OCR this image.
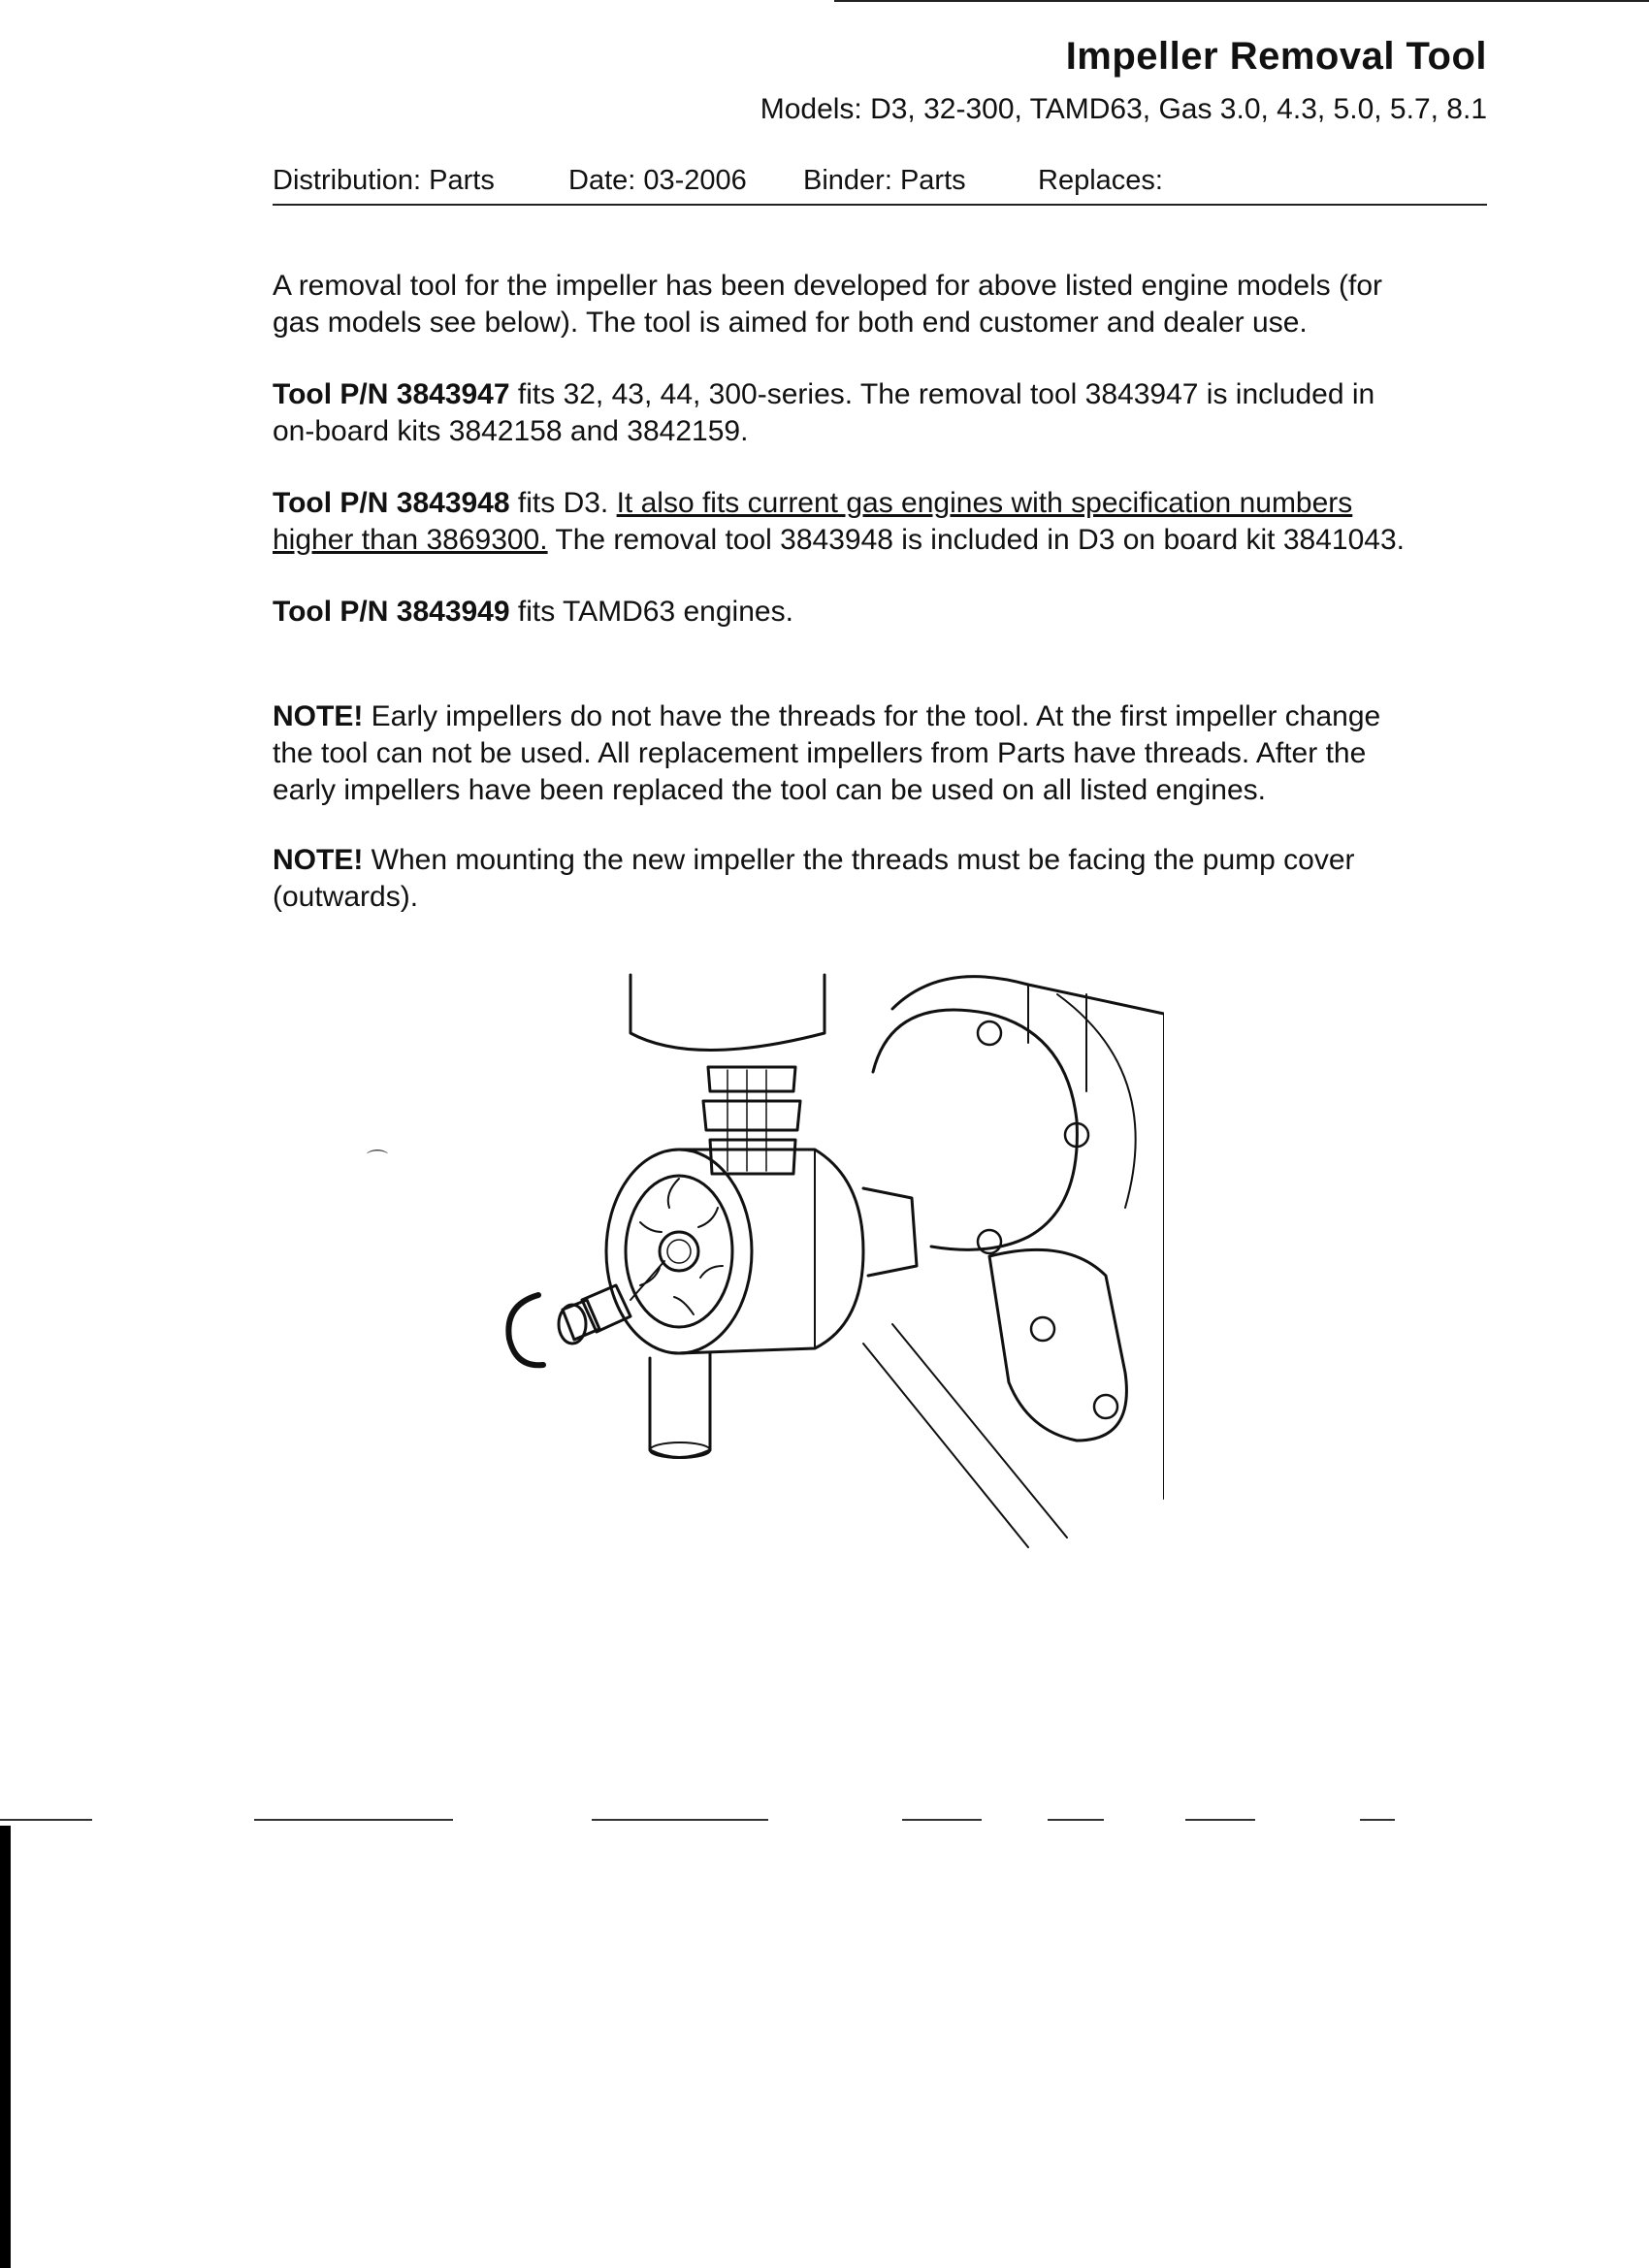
Impeller Removal Tool
Models: D3, 32-300, TAMD63, Gas 3.0, 4.3, 5.0, 5.7, 8.1
Distribution: Parts	Date: 03-2006 Binder: Parts	Replaces:
A removal tool for the impeller has been developed for above listed engine models (for
gas models see below). The tool is aimed for both end customer and dealer use.
Tool P/N 3843947 fits 32, 43, 44, 300-series. The removal tool 3843947 is included in
on-board kits 3842158 and 3842159.
Tool P/N 3843948 fits D3. It also fits current gas engines with specification numbers
higher than 3869300. The removal tool 3843948 is included in D3 on board kit 3841043.
Tool P/N 3843949 fits TAMD63 engines.
NOTE! Early impellers do not have the threads for the tool. At the first impeller change
the tool can not be used. All replacement impellers from Parts have threads. After the
early impellers have been replaced the tool can be used on all listed engines.
NOTE! When mounting the new impeller the threads must be facing the pump cover
(outwards).
⌒
